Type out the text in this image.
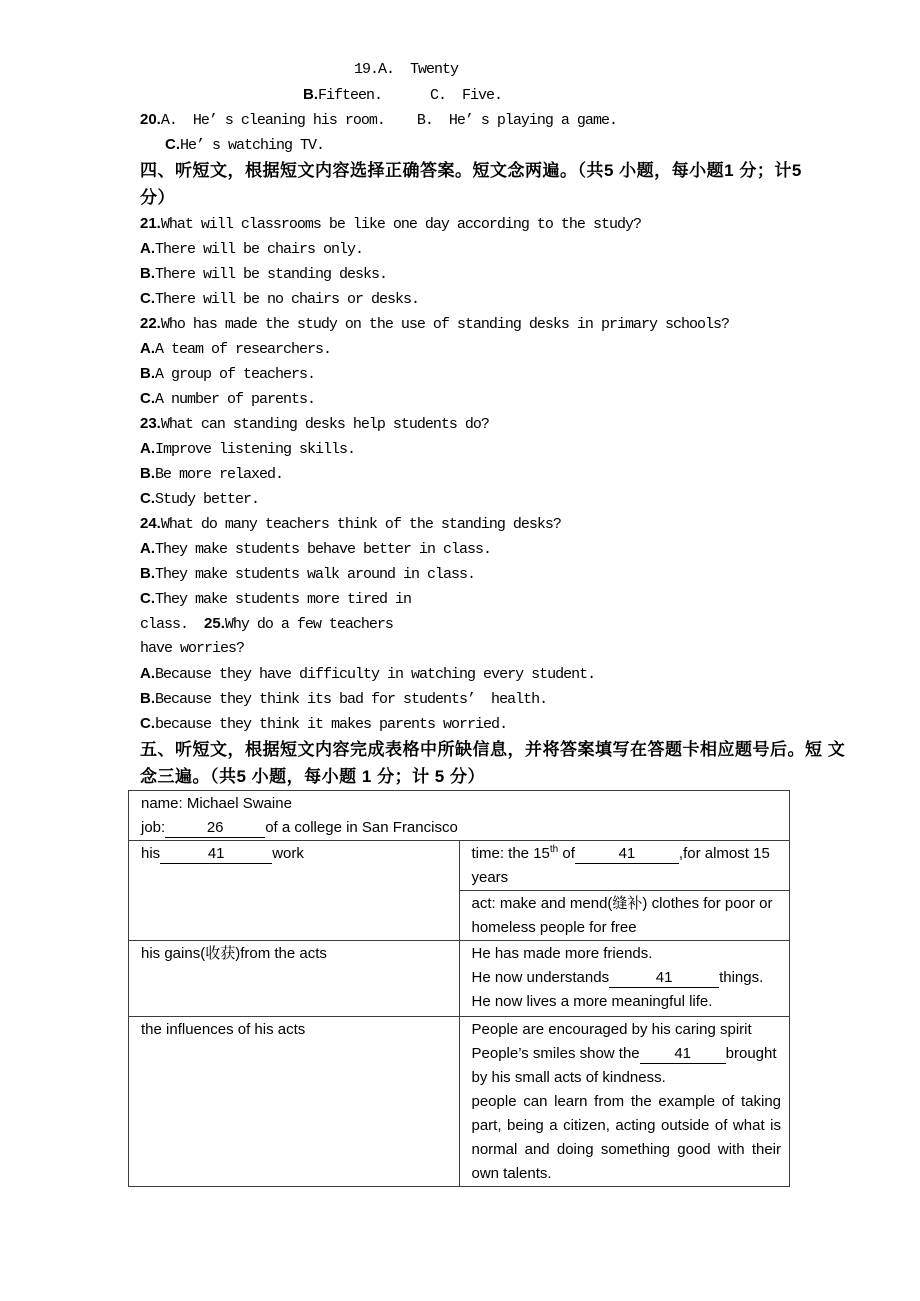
19.A.  Twenty
B.Fifteen.      C.  Five.
20.A.  He’ s cleaning his room.    B.  He’ s playing a game.
C.He’ s watching TV.
四、听短文，根据短文内容选择正确答案。短文念两遍。（共5 小题，每小题1 分；计5
分）
21.What will classrooms be like one day according to the study?
A.There will be chairs only.
B.There will be standing desks.
C.There will be no chairs or desks.
22.Who has made the study on the use of standing desks in primary schools?
A.A team of researchers.
B.A group of teachers.
C.A number of parents.
23.What can standing desks help students do?
A.Improve listening skills.
B.Be more relaxed.
C.Study better.
24.What do many teachers think of the standing desks?
A.They make students behave better in class.
B.They make students walk around in class.
C.They make students more tired in
class.  25.Why do a few teachers
have worries?
A.Because they have difficulty in watching every student.
B.Because they think its bad for students’  health.
C.because they think it makes parents worried.
五、听短文，根据短文内容完成表格中所缺信息，并将答案填写在答题卡相应题号后。短 文
念三遍。（共5 小题，每小题 1 分；计 5 分）
name: Michael Swaine
job: 26 of a college in San Francisco	

his 41 work	time: the 15th of 41 ,for almost 15
years

	act: make and mend(缝补) clothes for poor or
homeless people for free

his gains(收获)from the acts	He has made more friends.
He now understands 41 things.
He now lives a more meaningful life.

the influences of his acts	People are encouraged by his caring spirit
People’s smiles show the 41 brought
by his small acts of kindness.
people can learn from the example of taking part, being a citizen, acting outside of what is normal and doing something good with their own talents.
